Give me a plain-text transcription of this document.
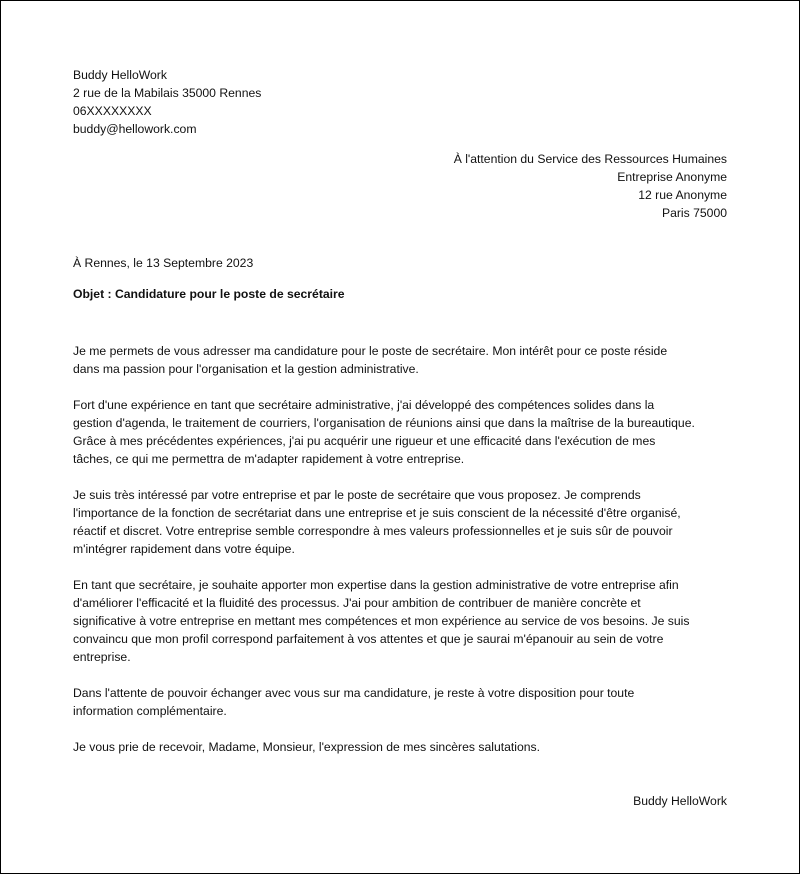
Buddy HelloWork
2 rue de la Mabilais 35000 Rennes
06XXXXXXXX
buddy@hellowork.com
À l'attention du Service des Ressources Humaines
Entreprise Anonyme
12 rue Anonyme
Paris 75000
À Rennes, le 13 Septembre 2023
Objet : Candidature pour le poste de secrétaire

Je me permets de vous adresser ma candidature pour le poste de secrétaire. Mon intérêt pour ce poste réside
dans ma passion pour l'organisation et la gestion administrative.

Fort d'une expérience en tant que secrétaire administrative, j'ai développé des compétences solides dans la
gestion d'agenda, le traitement de courriers, l'organisation de réunions ainsi que dans la maîtrise de la bureautique.
Grâce à mes précédentes expériences, j'ai pu acquérir une rigueur et une efficacité dans l'exécution de mes
tâches, ce qui me permettra de m'adapter rapidement à votre entreprise.

Je suis très intéressé par votre entreprise et par le poste de secrétaire que vous proposez. Je comprends
l'importance de la fonction de secrétariat dans une entreprise et je suis conscient de la nécessité d'être organisé,
réactif et discret. Votre entreprise semble correspondre à mes valeurs professionnelles et je suis sûr de pouvoir
m'intégrer rapidement dans votre équipe.

En tant que secrétaire, je souhaite apporter mon expertise dans la gestion administrative de votre entreprise afin
d'améliorer l'efficacité et la fluidité des processus. J'ai pour ambition de contribuer de manière concrète et
significative à votre entreprise en mettant mes compétences et mon expérience au service de vos besoins. Je suis
convaincu que mon profil correspond parfaitement à vos attentes et que je saurai m'épanouir au sein de votre
entreprise.

Dans l'attente de pouvoir échanger avec vous sur ma candidature, je reste à votre disposition pour toute
information complémentaire.

Je vous prie de recevoir, Madame, Monsieur, l'expression de mes sincères salutations.

Buddy HelloWork
